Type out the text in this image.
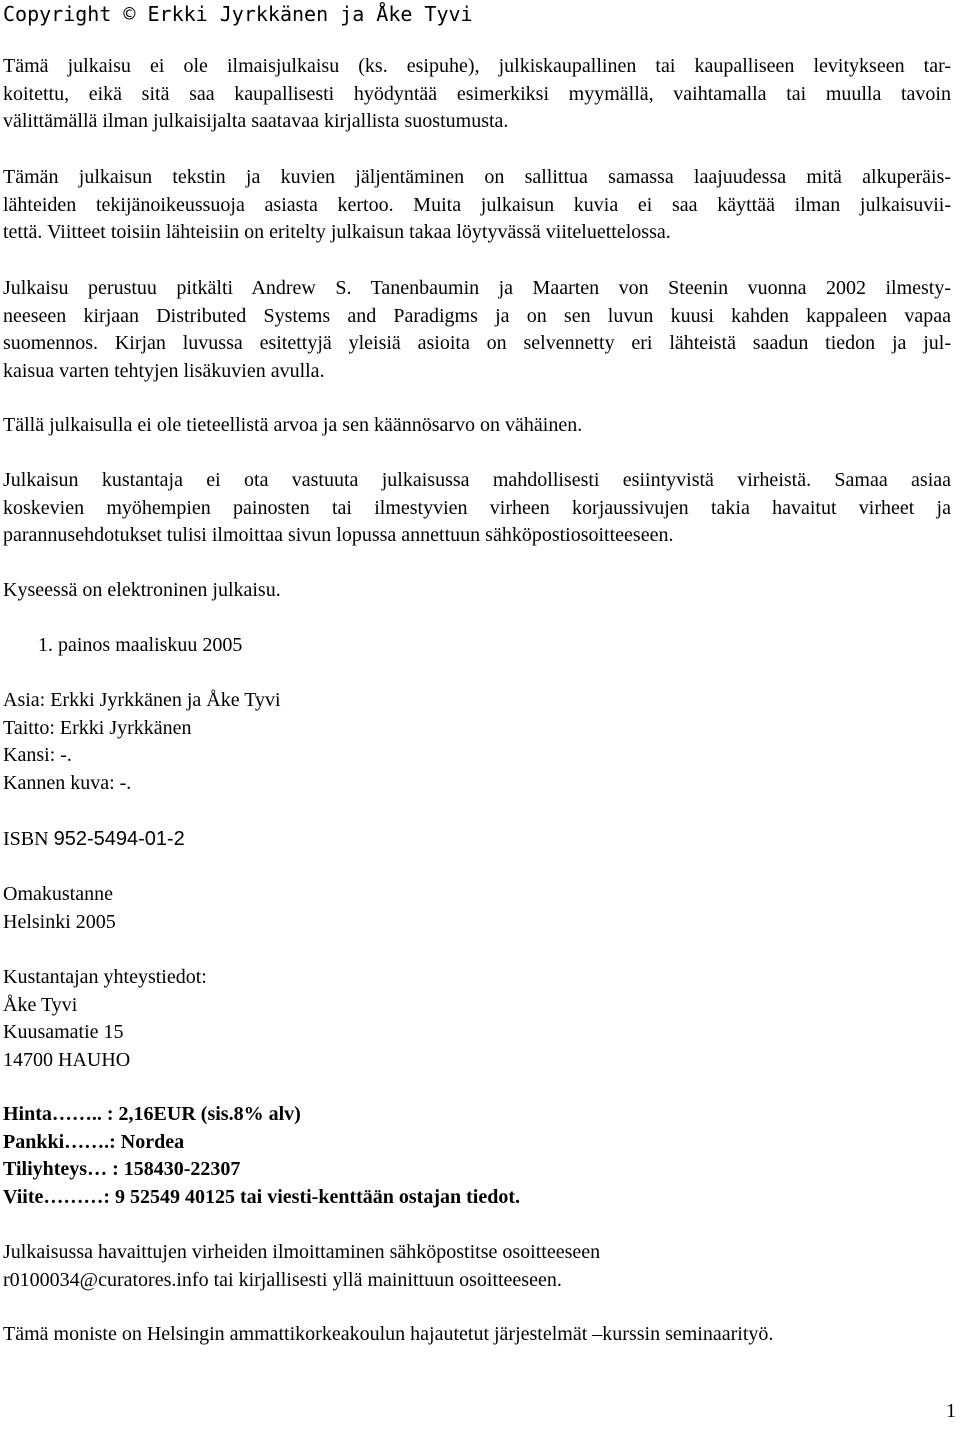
Copyright © Erkki Jyrkkänen ja Åke Tyvi
Tämä julkaisu ei ole ilmaisjulkaisu (ks. esipuhe), julkiskaupallinen tai kaupalliseen levitykseen tar-
koitettu, eikä sitä saa kaupallisesti hyödyntää esimerkiksi myymällä, vaihtamalla tai muulla tavoin
välittämällä ilman julkaisijalta saatavaa kirjallista suostumusta.
Tämän julkaisun tekstin ja kuvien jäljentäminen on sallittua samassa laajuudessa mitä alkuperäis-
lähteiden tekijänoikeussuoja asiasta kertoo. Muita julkaisun kuvia ei saa käyttää ilman julkaisuvii-
tettä. Viitteet toisiin lähteisiin on eritelty julkaisun takaa löytyvässä viiteluettelossa.
Julkaisu perustuu pitkälti Andrew S. Tanenbaumin ja Maarten von Steenin vuonna 2002 ilmesty-
neeseen kirjaan Distributed Systems and Paradigms ja on sen luvun kuusi kahden kappaleen vapaa
suomennos. Kirjan luvussa esitettyjä yleisiä asioita on selvennetty eri lähteistä saadun tiedon ja jul-
kaisua varten tehtyjen lisäkuvien avulla.
Tällä julkaisulla ei ole tieteellistä arvoa ja sen käännösarvo on vähäinen.
Julkaisun kustantaja ei ota vastuuta julkaisussa mahdollisesti esiintyvistä virheistä. Samaa asiaa
koskevien myöhempien painosten tai ilmestyvien virheen korjaussivujen takia havaitut virheet ja
parannusehdotukset tulisi ilmoittaa sivun lopussa annettuun sähköpostiosoitteeseen.
Kyseessä on elektroninen julkaisu.
1. painos maaliskuu 2005
Asia: Erkki Jyrkkänen ja Åke Tyvi
Taitto: Erkki Jyrkkänen
Kansi: -.
Kannen kuva: -.
ISBN 952-5494-01-2
Omakustanne
Helsinki 2005
Kustantajan yhteystiedot:
Åke Tyvi
Kuusamatie 15
14700 HAUHO
Hinta…….. : 2,16EUR (sis.8% alv)
Pankki…….: Nordea
Tiliyhteys… : 158430-22307
Viite………: 9 52549 40125 tai viesti-kenttään ostajan tiedot.
Julkaisussa havaittujen virheiden ilmoittaminen sähköpostitse osoitteeseen
r0100034@curatores.info tai kirjallisesti yllä mainittuun osoitteeseen.
Tämä moniste on Helsingin ammattikorkeakoulun hajautetut järjestelmät –kurssin seminaarityö.
1
